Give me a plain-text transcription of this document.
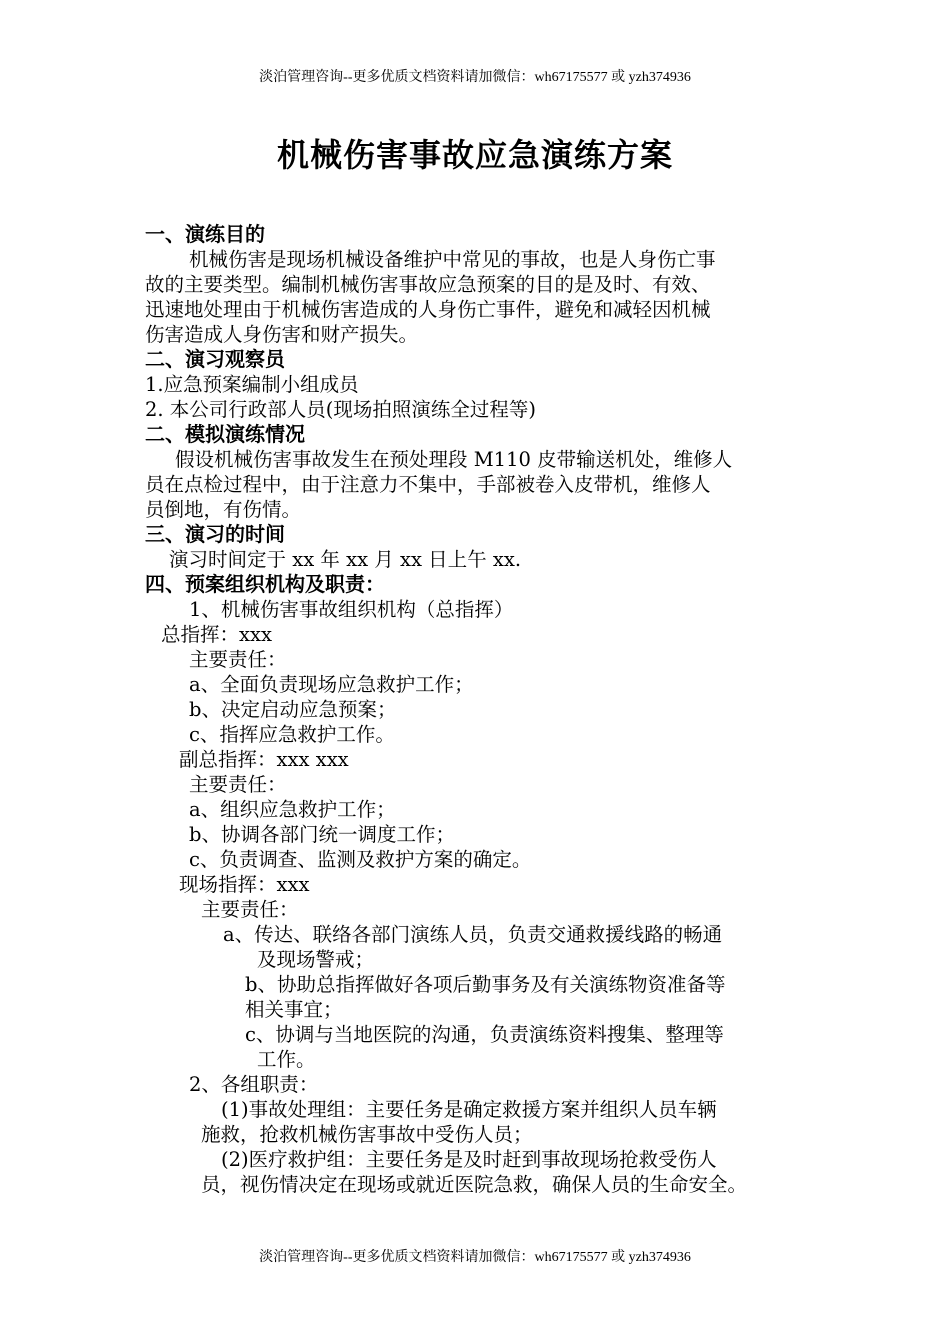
淡泊管理咨询--更多优质文档资料请加微信：wh67175577 或 yzh374936
机械伤害事故应急演练方案
一、演练目的

机械伤害是现场机械设备维护中常见的事故，也是人身伤亡事

故的主要类型。编制机械伤害事故应急预案的目的是及时、有效、

迅速地处理由于机械伤害造成的人身伤亡事件，避免和减轻因机械

伤害造成人身伤害和财产损失。

二、演习观察员

1.应急预案编制小组成员

2. 本公司行政部人员(现场拍照演练全过程等)

二、模拟演练情况

假设机械伤害事故发生在预处理段 M110 皮带输送机处，维修人

员在点检过程中，由于注意力不集中，手部被卷入皮带机，维修人

员倒地，有伤情。

三、演习的时间

演习时间定于 xx 年 xx 月 xx 日上午 xx.

四、预案组织机构及职责：

1、机械伤害事故组织机构（总指挥）

总指挥：xxx

主要责任：

a、全面负责现场应急救护工作；

b、决定启动应急预案；

c、指挥应急救护工作。

副总指挥：xxx xxx

主要责任：

a、组织应急救护工作；

b、协调各部门统一调度工作；

c、负责调查、监测及救护方案的确定。

现场指挥：xxx

主要责任：

a、传达、联络各部门演练人员，负责交通救援线路的畅通

及现场警戒；

b、协助总指挥做好各项后勤事务及有关演练物资准备等

相关事宜；

c、协调与当地医院的沟通，负责演练资料搜集、整理等

工作。

2、各组职责：

(1)事故处理组：主要任务是确定救援方案并组织人员车辆

施救，抢救机械伤害事故中受伤人员；

(2)医疗救护组：主要任务是及时赶到事故现场抢救受伤人

员，视伤情决定在现场或就近医院急救，确保人员的生命安全。

淡泊管理咨询--更多优质文档资料请加微信：wh67175577 或 yzh374936
